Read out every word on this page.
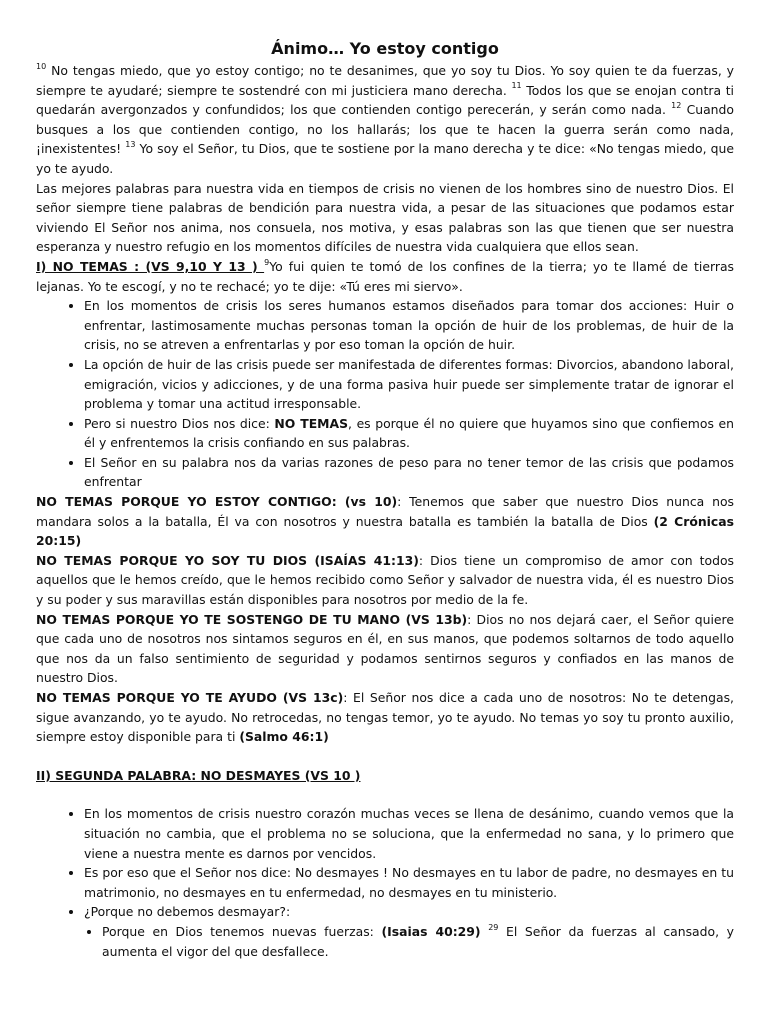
Ánimo… Yo estoy contigo

$^{10}$ No tengas miedo, que yo estoy contigo; no te desanimes, que yo soy tu Dios. Yo soy quien te da fuerzas, y siempre te ayudaré; siempre te sostendré con mi justiciera mano derecha. $^{11}$ Todos los que se enojan contra ti quedarán avergonzados y confundidos; los que contienden contigo perecerán, y serán como nada. $^{12}$ Cuando busques a los que contienden contigo, no los hallarás; los que te hacen la guerra serán como nada, ¡inexistentes! $^{13}$ Yo soy el Señor, tu Dios, que te sostiene por la mano derecha y te dice: «No tengas miedo, que yo te ayudo.

Las mejores palabras para nuestra vida en tiempos de crisis no vienen de los hombres sino de nuestro Dios. El señor siempre tiene palabras de bendición para nuestra vida, a pesar de las situaciones que podamos estar viviendo El Señor nos anima, nos consuela, nos motiva, y esas palabras son las que tienen que ser nuestra esperanza y nuestro refugio en los momentos difíciles de nuestra vida cualquiera que ellos sean.

I) NO TEMAS : (VS 9,10 Y 13 ) $^9$Yo fui quien te tomó de los confines de la tierra; yo te llamé de tierras lejanas. Yo te escogí, y no te rechacé; yo te dije: «Tú eres mi siervo».

• En los momentos de crisis los seres humanos estamos diseñados para tomar dos acciones: Huir o enfrentar, lastimosamente muchas personas toman la opción de huir de los problemas, de huir de la crisis, no se atreven a enfrentarlas y por eso toman la opción de huir.
• La opción de huir de las crisis puede ser manifestada de diferentes formas: Divorcios, abandono laboral, emigración, vicios y adicciones, y de una forma pasiva huir puede ser simplemente tratar de ignorar el problema y tomar una actitud irresponsable.
• Pero si nuestro Dios nos dice: NO TEMAS, es porque él no quiere que huyamos sino que confiemos en él y enfrentemos la crisis confiando en sus palabras.
• El Señor en su palabra nos da varias razones de peso para no tener temor de las crisis que podamos enfrentar

NO TEMAS PORQUE YO ESTOY CONTIGO: (vs 10): Tenemos que saber que nuestro Dios nunca nos mandara solos a la batalla, Él va con nosotros y nuestra batalla es también la batalla de Dios (2 Crónicas 20:15)

NO TEMAS PORQUE YO SOY TU DIOS (ISAÍAS 41:13): Dios tiene un compromiso de amor con todos aquellos que le hemos creído, que le hemos recibido como Señor y salvador de nuestra vida, él es nuestro Dios y su poder y sus maravillas están disponibles para nosotros por medio de la fe.

NO TEMAS PORQUE YO TE SOSTENGO DE TU MANO (VS 13b): Dios no nos dejará caer, el Señor quiere que cada uno de nosotros nos sintamos seguros en él, en sus manos, que podemos soltarnos de todo aquello que nos da un falso sentimiento de seguridad y podamos sentirnos seguros y confiados en las manos de nuestro Dios.

NO TEMAS PORQUE YO TE AYUDO (VS 13c): El Señor nos dice a cada uno de nosotros: No te detengas, sigue avanzando, yo te ayudo. No retrocedas, no tengas temor, yo te ayudo. No temas yo soy tu pronto auxilio, siempre estoy disponible para ti (Salmo 46:1)

II) SEGUNDA PALABRA: NO DESMAYES (VS 10 )

• En los momentos de crisis nuestro corazón muchas veces se llena de desánimo, cuando vemos que la situación no cambia, que el problema no se soluciona, que la enfermedad no sana, y lo primero que viene a nuestra mente es darnos por vencidos.
• Es por eso que el Señor nos dice: No desmayes ! No desmayes en tu labor de padre, no desmayes en tu matrimonio, no desmayes en tu enfermedad, no desmayes en tu ministerio.
• ¿Porque no debemos desmayar?:
• Porque en Dios tenemos nuevas fuerzas: (Isaias 40:29) $^{29}$ El Señor da fuerzas al cansado, y aumenta el vigor del que desfallece.
